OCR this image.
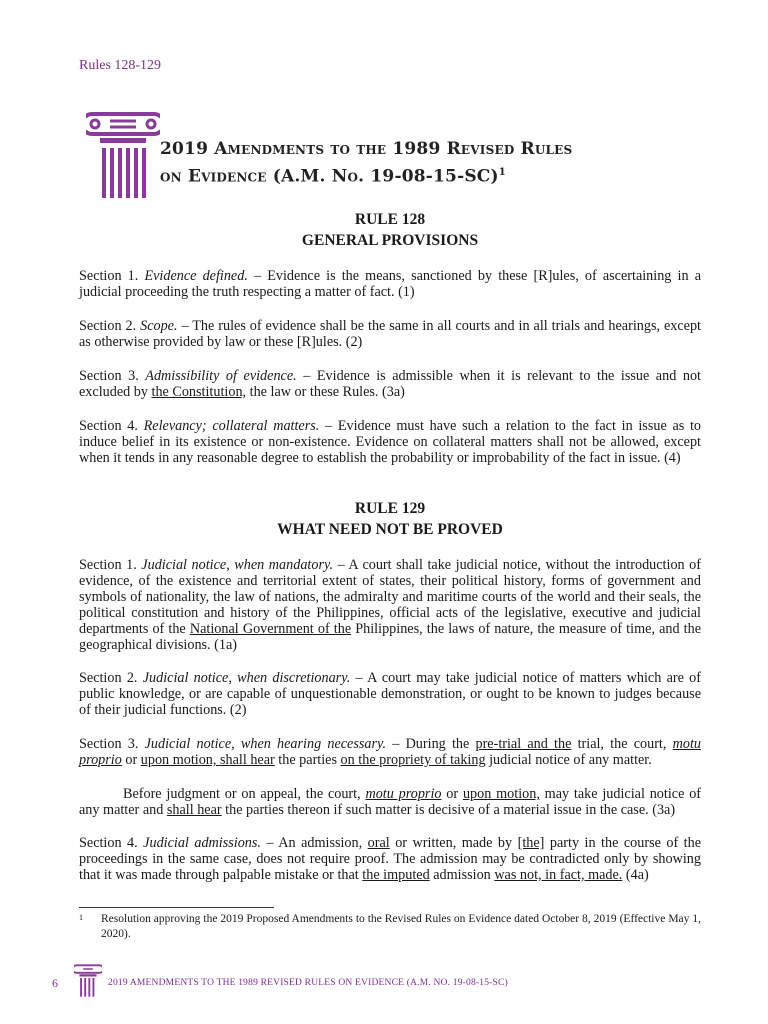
Rules 128-129
2019 Amendments to the 1989 Revised Rules
on Evidence (A.M. No. 19-08-15-SC)$^1$
RULE 128
GENERAL PROVISIONS
Section 1. Evidence defined. – Evidence is the means, sanctioned by these [R]ules, of ascertaining in a judicial proceeding the truth respecting a matter of fact. (1)
Section 2. Scope. – The rules of evidence shall be the same in all courts and in all trials and hearings, except as otherwise provided by law or these [R]ules. (2)
Section 3. Admissibility of evidence. – Evidence is admissible when it is relevant to the issue and not excluded by the Constitution, the law or these Rules. (3a)
Section 4. Relevancy; collateral matters. – Evidence must have such a relation to the fact in issue as to induce belief in its existence or non-existence. Evidence on collateral matters shall not be allowed, except when it tends in any reasonable degree to establish the probability or improbability of the fact in issue. (4)
RULE 129
WHAT NEED NOT BE PROVED
Section 1. Judicial notice, when mandatory. – A court shall take judicial notice, without the introduction of evidence, of the existence and territorial extent of states, their political history, forms of government and symbols of nationality, the law of nations, the admiralty and maritime courts of the world and their seals, the political constitution and history of the Philippines, official acts of the legislative, executive and judicial departments of the National Government of the Philippines, the laws of nature, the measure of time, and the geographical divisions. (1a)
Section 2. Judicial notice, when discretionary. – A court may take judicial notice of matters which are of public knowledge, or are capable of unquestionable demonstration, or ought to be known to judges because of their judicial functions. (2)
Section 3. Judicial notice, when hearing necessary. – During the pre-trial and the trial, the court, motu proprio or upon motion, shall hear the parties on the propriety of taking judicial notice of any matter.
Before judgment or on appeal, the court, motu proprio or upon motion, may take judicial notice of any matter and shall hear the parties thereon if such matter is decisive of a material issue in the case. (3a)
Section 4. Judicial admissions. – An admission, oral or written, made by [the] party in the course of the proceedings in the same case, does not require proof. The admission may be contradicted only by showing that it was made through palpable mistake or that the imputed admission was not, in fact, made. (4a)
1 Resolution approving the 2019 Proposed Amendments to the Revised Rules on Evidence dated October 8, 2019 (Effective May 1, 2020).
6	2019 AMENDMENTS TO THE 1989 REVISED RULES ON EVIDENCE (A.M. NO. 19-08-15-SC)
